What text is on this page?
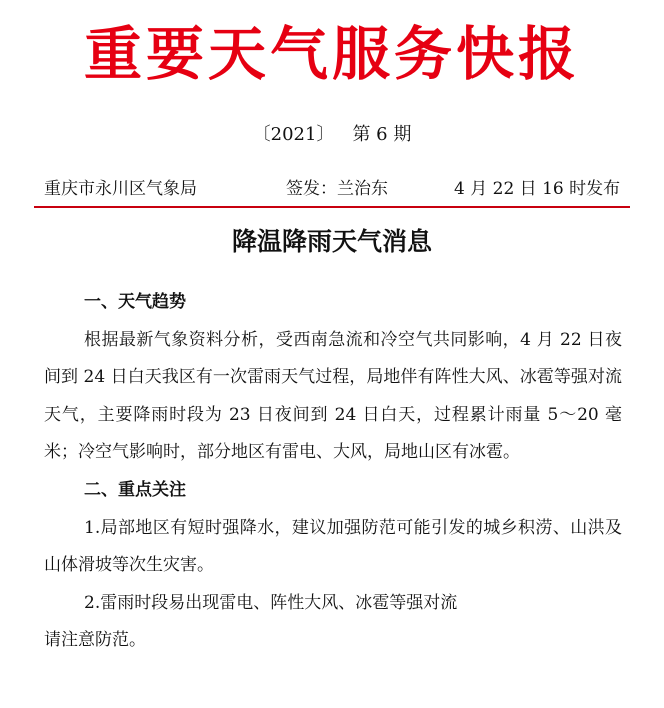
重要天气服务快报
〔2021〕 第 6 期
重庆市永川区气象局	签发：兰治东	4 月 22 日 16 时发布
降温降雨天气消息

一、天气趋势

根据最新气象资料分析，受西南急流和冷空气共同影响，4 月 22 日夜间到 24 日白天我区有一次雷雨天气过程，局地伴有阵性大风、冰雹等强对流天气，主要降雨时段为 23 日夜间到 24 日白天，过程累计雨量 5～20 毫米；冷空气影响时，部分地区有雷电、大风，局地山区有冰雹。

二、重点关注

1.局部地区有短时强降水，建议加强防范可能引发的城乡积涝、山洪及山体滑坡等次生灾害。

2.雷雨时段易出现雷电、阵性大风、冰雹等强对流

请注意防范。
